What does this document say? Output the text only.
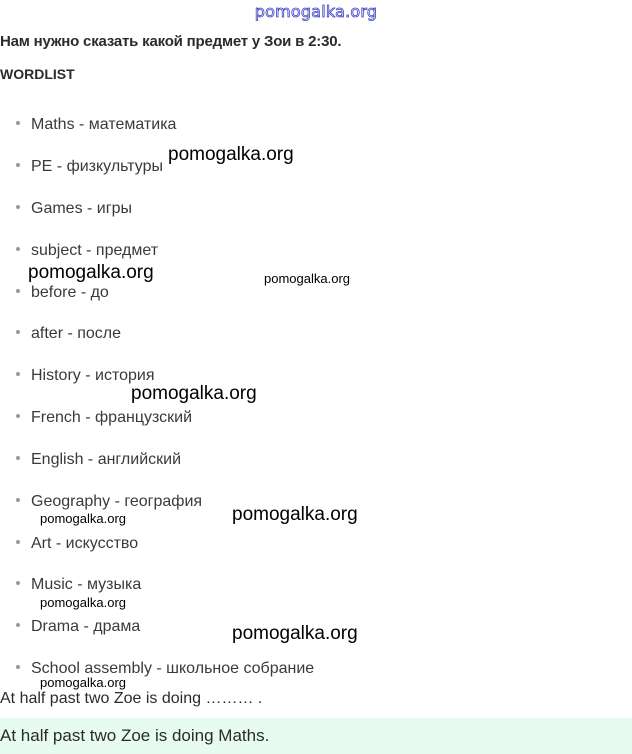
pomogalka.org
Нам нужно сказать какой предмет у Зои в 2:30.
WORDLIST
Maths - математика
PE - физкультуры
Games - игры
subject - предмет
before - до
after - после
History - история
French - французский
English - английский
Geography - география
Art - искусство
Music - музыка
Drama - драма
School assembly - школьное собрание
pomogalka.org
pomogalka.org	pomogalka.org
pomogalka.org
pomogalka.org	pomogalka.org
pomogalka.org
pomogalka.org
pomogalka.org
At half past two Zoe is doing ……… .
At half past two Zoe is doing Maths.
